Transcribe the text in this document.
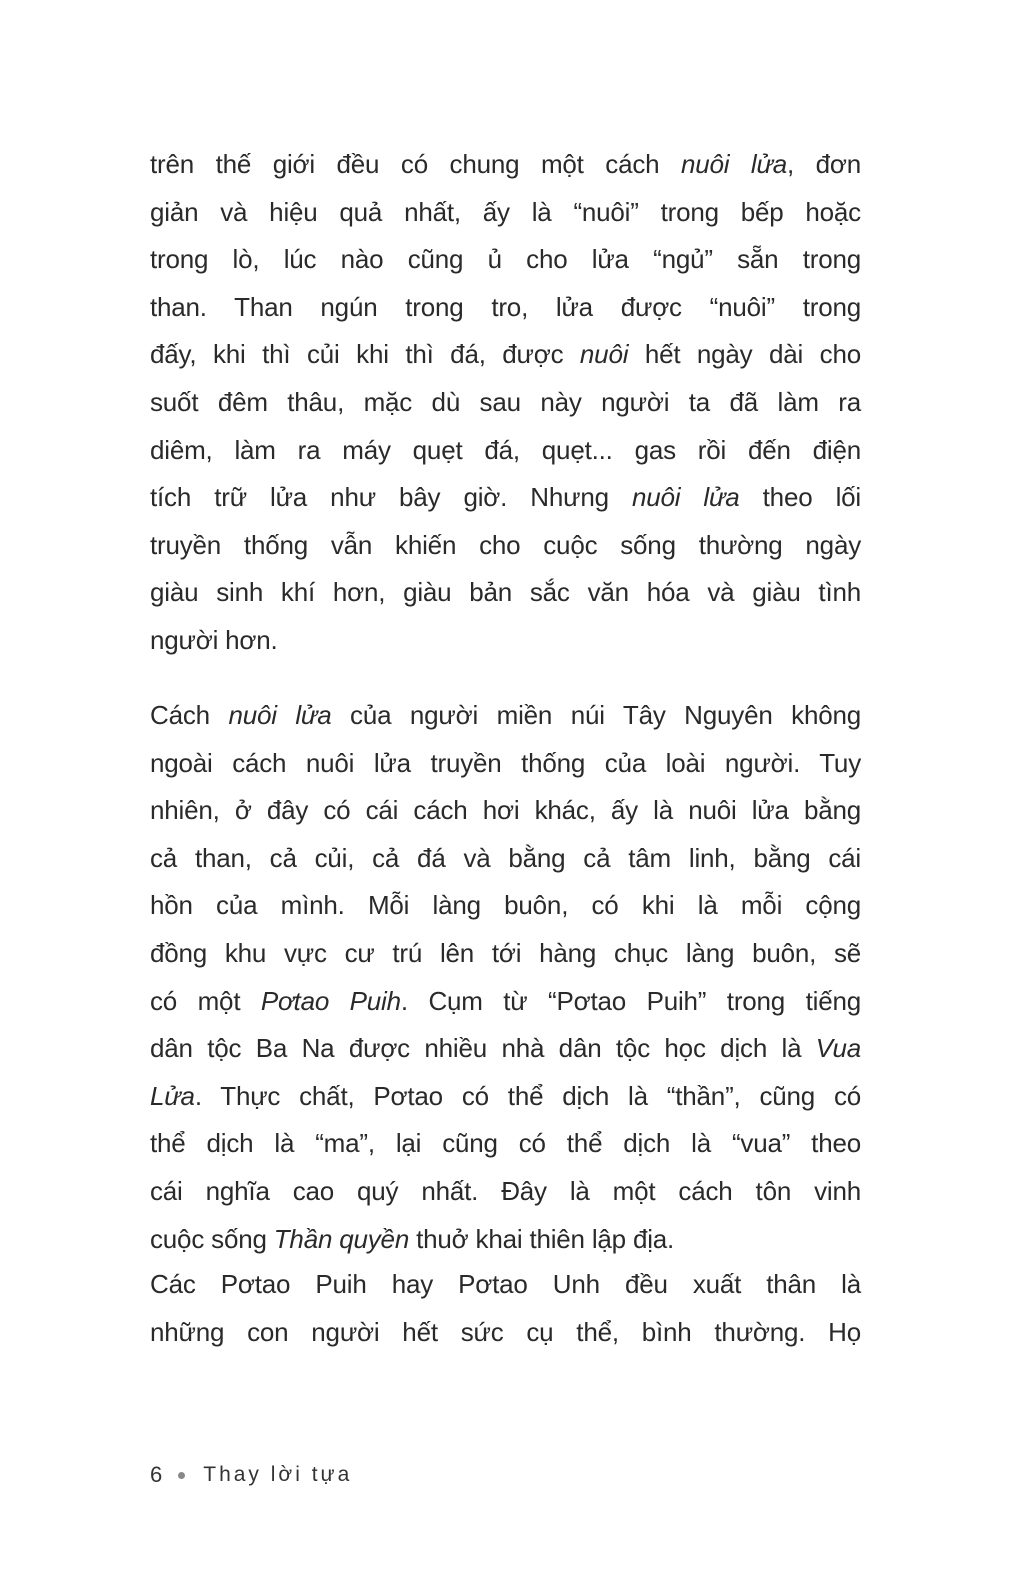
trên thế giới đều có chung một cách nuôi lửa, đơn
giản và hiệu quả nhất, ấy là “nuôi” trong bếp hoặc
trong lò, lúc nào cũng ủ cho lửa “ngủ” sẵn trong
than. Than ngún trong tro, lửa được “nuôi” trong
đấy, khi thì củi khi thì đá, được nuôi hết ngày dài cho
suốt đêm thâu, mặc dù sau này người ta đã làm ra
diêm, làm ra máy quẹt đá, quẹt... gas rồi đến điện
tích trữ lửa như bây giờ. Nhưng nuôi lửa theo lối
truyền thống vẫn khiến cho cuộc sống thường ngày
giàu sinh khí hơn, giàu bản sắc văn hóa và giàu tình
người hơn.
Cách nuôi lửa của người miền núi Tây Nguyên không
ngoài cách nuôi lửa truyền thống của loài người. Tuy
nhiên, ở đây có cái cách hơi khác, ấy là nuôi lửa bằng
cả than, cả củi, cả đá và bằng cả tâm linh, bằng cái
hồn của mình. Mỗi làng buôn, có khi là mỗi cộng
đồng khu vực cư trú lên tới hàng chục làng buôn, sẽ
có một Pơtao Puih. Cụm từ “Pơtao Puih” trong tiếng
dân tộc Ba Na được nhiều nhà dân tộc học dịch là Vua
Lửa. Thực chất, Pơtao có thể dịch là “thần”, cũng có
thể dịch là “ma”, lại cũng có thể dịch là “vua” theo
cái nghĩa cao quý nhất. Đây là một cách tôn vinh
cuộc sống Thần quyền thuở khai thiên lập địa.
Các Pơtao Puih hay Pơtao Unh đều xuất thân là
những con người hết sức cụ thể, bình thường. Họ
6 Thay lời tựa
